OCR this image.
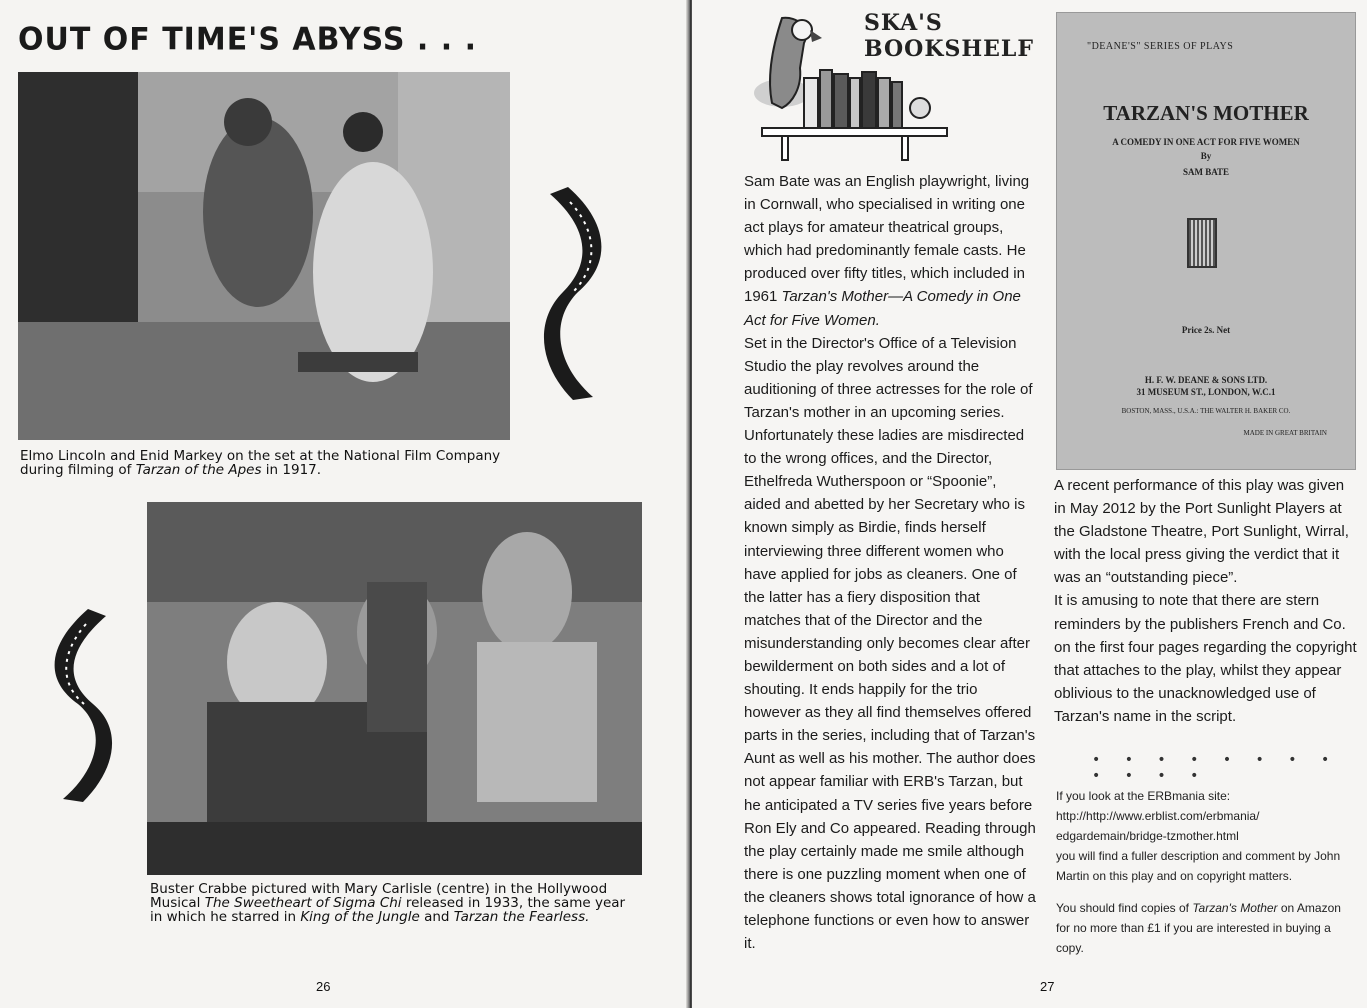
OUT OF TIME'S ABYSS . . .

Elmo Lincoln and Enid Markey on the set at the National Film Company during filming of Tarzan of the Apes in 1917.

Buster Crabbe pictured with Mary Carlisle (centre) in the Hollywood Musical The Sweetheart of Sigma Chi released in 1933, the same year in which he starred in King of the Jungle and Tarzan the Fearless.

26
SKA'S
BOOKSHELF

Sam Bate was an English playwright, living in Cornwall, who specialised in writing one act plays for amateur theatrical groups, which had predominantly female casts. He produced over fifty titles, which included in 1961 Tarzan's Mother—A Comedy in One Act for Five Women.

Set in the Director's Office of a Television Studio the play revolves around the auditioning of three actresses for the role of Tarzan's mother in an upcoming series. Unfortunately these ladies are misdirected to the wrong offices, and the Director, Ethelfreda Wutherspoon or “Spoonie”, aided and abetted by her Secretary who is known simply as Birdie, finds herself interviewing three different women who have applied for jobs as cleaners. One of the latter has a fiery disposition that matches that of the Director and the misunderstanding only becomes clear after bewilderment on both sides and a lot of shouting. It ends happily for the trio however as they all find themselves offered parts in the series, including that of Tarzan's Aunt as well as his mother. The author does not appear familiar with ERB's Tarzan, but he anticipated a TV series five years before Ron Ely and Co appeared. Reading through the play certainly made me smile although there is one puzzling moment when one of the cleaners shows total ignorance of how a telephone functions or even how to answer it.

"DEANE'S" SERIES OF PLAYS
TARZAN'S MOTHER
A COMEDY IN ONE ACT FOR FIVE WOMEN
By
SAM BATE
Price 2s. Net
H. F. W. DEANE & SONS LTD.
31 MUSEUM ST., LONDON, W.C.1
BOSTON, MASS., U.S.A.: THE WALTER H. BAKER CO.
MADE IN GREAT BRITAIN

A recent performance of this play was given in May 2012 by the Port Sunlight Players at the Gladstone Theatre, Port Sunlight, Wirral, with the local press giving the verdict that it was an “outstanding piece”.

It is amusing to note that there are stern reminders by the publishers French and Co. on the first four pages regarding the copyright that attaches to the play, whilst they appear oblivious to the unacknowledged use of Tarzan's name in the script.

• • • • • • • • • • • •

If you look at the ERBmania site:

http://http://www.erblist.com/erbmania/

edgardemain/bridge-tzmother.html

you will find a fuller description and comment by John Martin on this play and on copyright matters.

You should find copies of Tarzan's Mother on Amazon for no more than £1 if you are interested in buying a copy.

27
